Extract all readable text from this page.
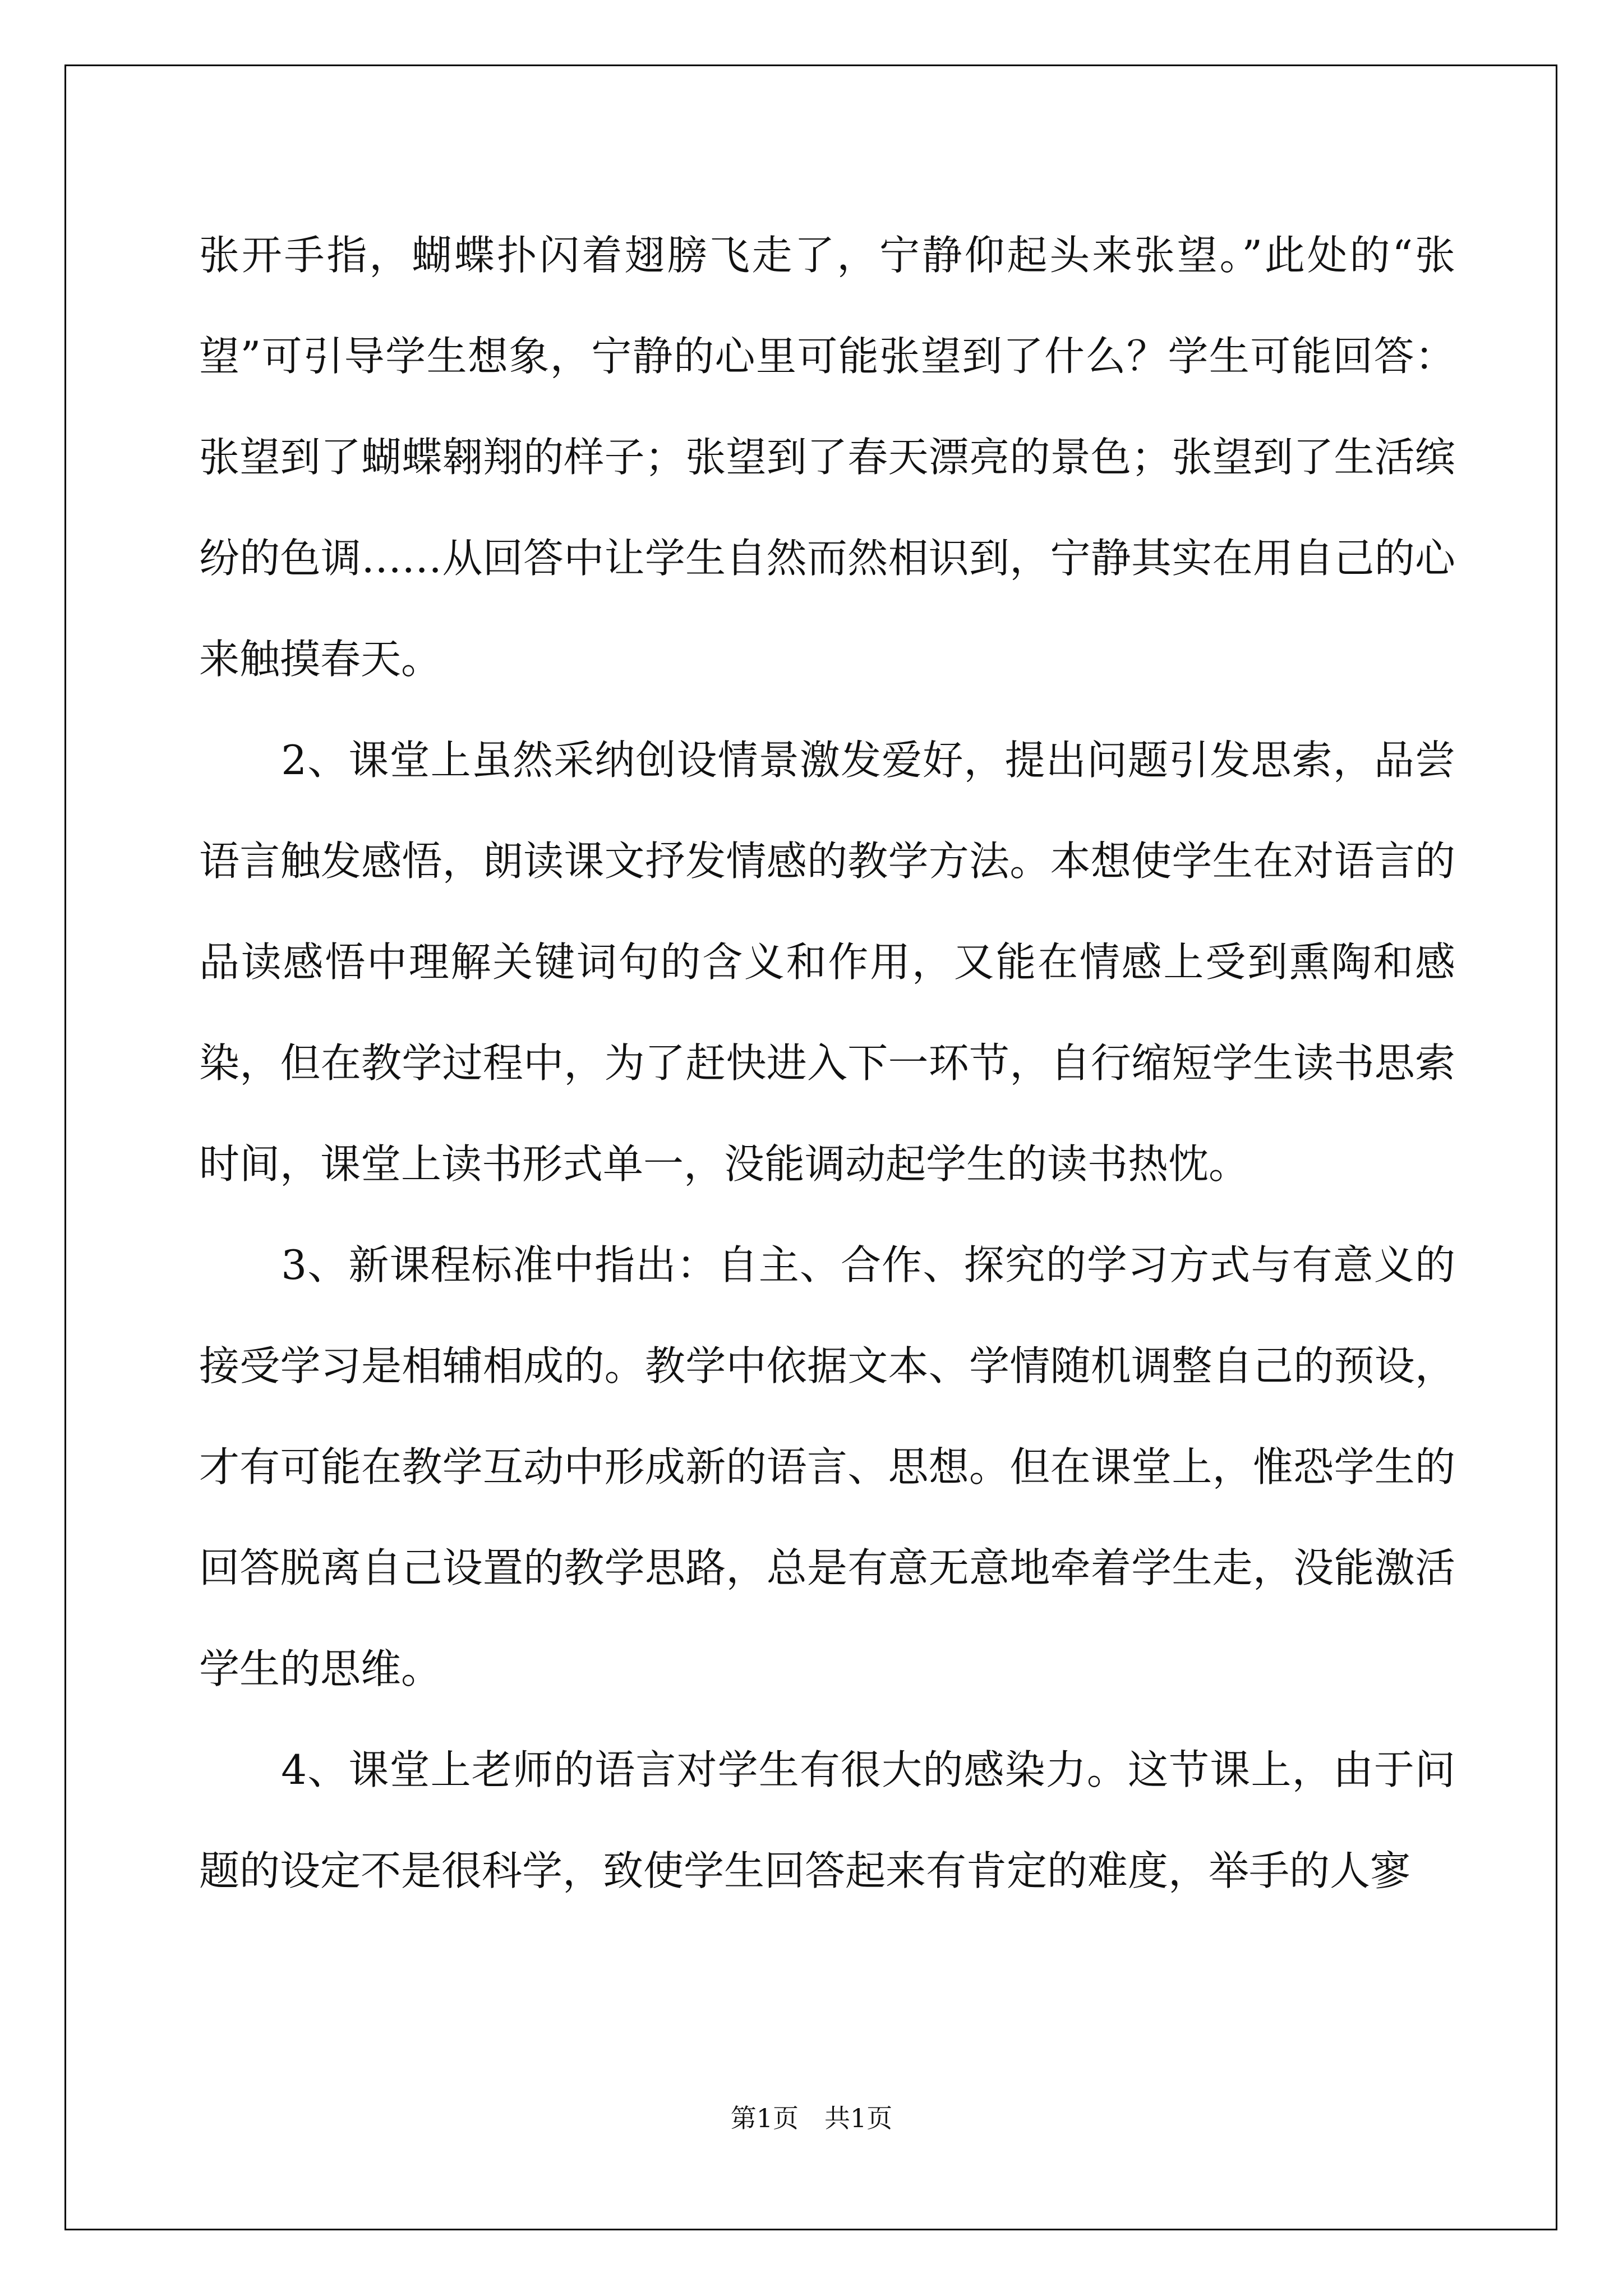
张开手指，蝴蝶扑闪着翅膀飞走了，宁静仰起头来张望。”此处的“张望”可引导学生想象，宁静的心里可能张望到了什么？学生可能回答：张望到了蝴蝶翱翔的样子；张望到了春天漂亮的景色；张望到了生活缤纷的色调……从回答中让学生自然而然相识到，宁静其实在用自己的心来触摸春天。

　　2、课堂上虽然采纳创设情景激发爱好，提出问题引发思索，品尝语言触发感悟，朗读课文抒发情感的教学方法。本想使学生在对语言的品读感悟中理解关键词句的含义和作用，又能在情感上受到熏陶和感染，但在教学过程中，为了赶快进入下一环节，自行缩短学生读书思索时间，课堂上读书形式单一，没能调动起学生的读书热忱。

　　3、新课程标准中指出：自主、合作、探究的学习方式与有意义的接受学习是相辅相成的。教学中依据文本、学情随机调整自己的预设，才有可能在教学互动中形成新的语言、思想。但在课堂上，惟恐学生的回答脱离自己设置的教学思路，总是有意无意地牵着学生走，没能激活学生的思维。

　　4、课堂上老师的语言对学生有很大的感染力。这节课上，由于问题的设定不是很科学，致使学生回答起来有肯定的难度，举手的人寥

第1页　共1页
